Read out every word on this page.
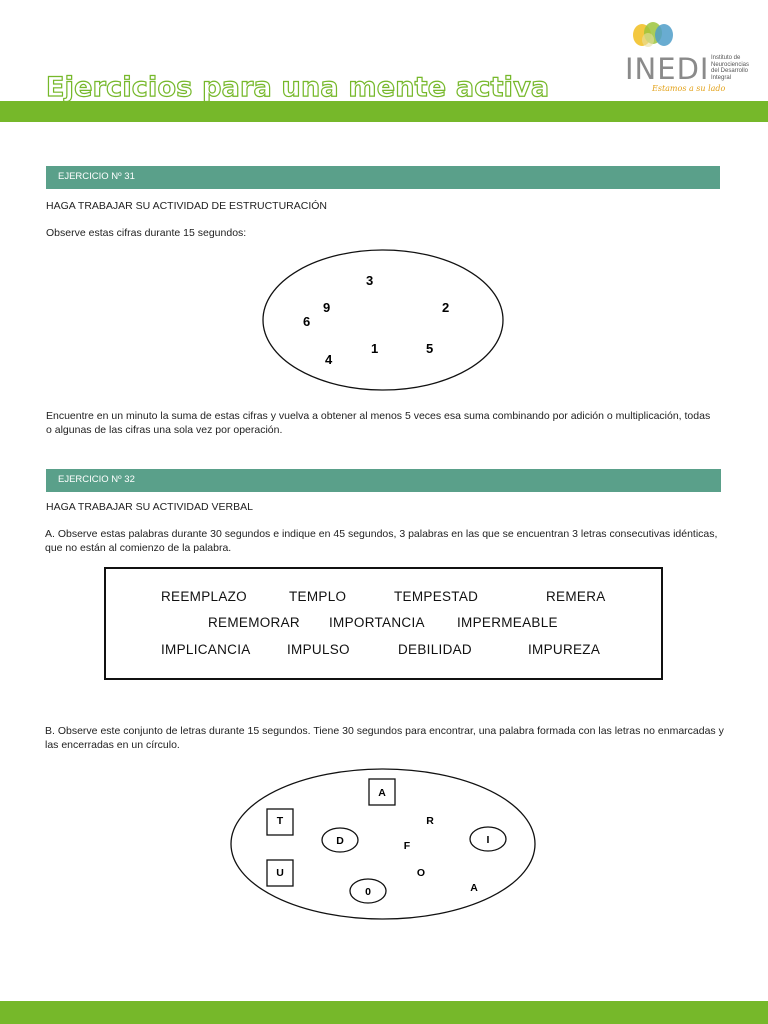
Ejercicios para una mente activa
INEDI Instituto de
Neurociencias
del Desarrollo
Integral
Estamos a su lado
EJERCICIO Nº 31
HAGA TRABAJAR SU ACTIVIDAD DE ESTRUCTURACIÓN
Observe estas cifras durante 15 segundos:
3
9	2
6
1	5
4
Encuentre en un minuto la suma de estas cifras y vuelva a obtener al menos 5 veces esa suma combinando por adición o multiplicación, todas o algunas de las cifras una sola vez por operación.
EJERCICIO Nº 32
HAGA TRABAJAR SU ACTIVIDAD VERBAL
A. Observe estas palabras durante 30 segundos e indique en 45 segundos, 3 palabras en las que se encuentran 3 letras consecutivas idénticas, que no están al comienzo de la palabra.
REEMPLAZO	TEMPLO	TEMPESTAD	REMERA
REMEMORAR IMPORTANCIA IMPERMEABLE
IMPLICANCIA	IMPULSO	DEBILIDAD	IMPUREZA
B. Observe este conjunto de letras durante 15 segundos. Tiene 30 segundos para encontrar, una palabra formada con las letras no enmarcadas y las encerradas en un círculo.
A
T
U
D	I
0
R
F
O
A
